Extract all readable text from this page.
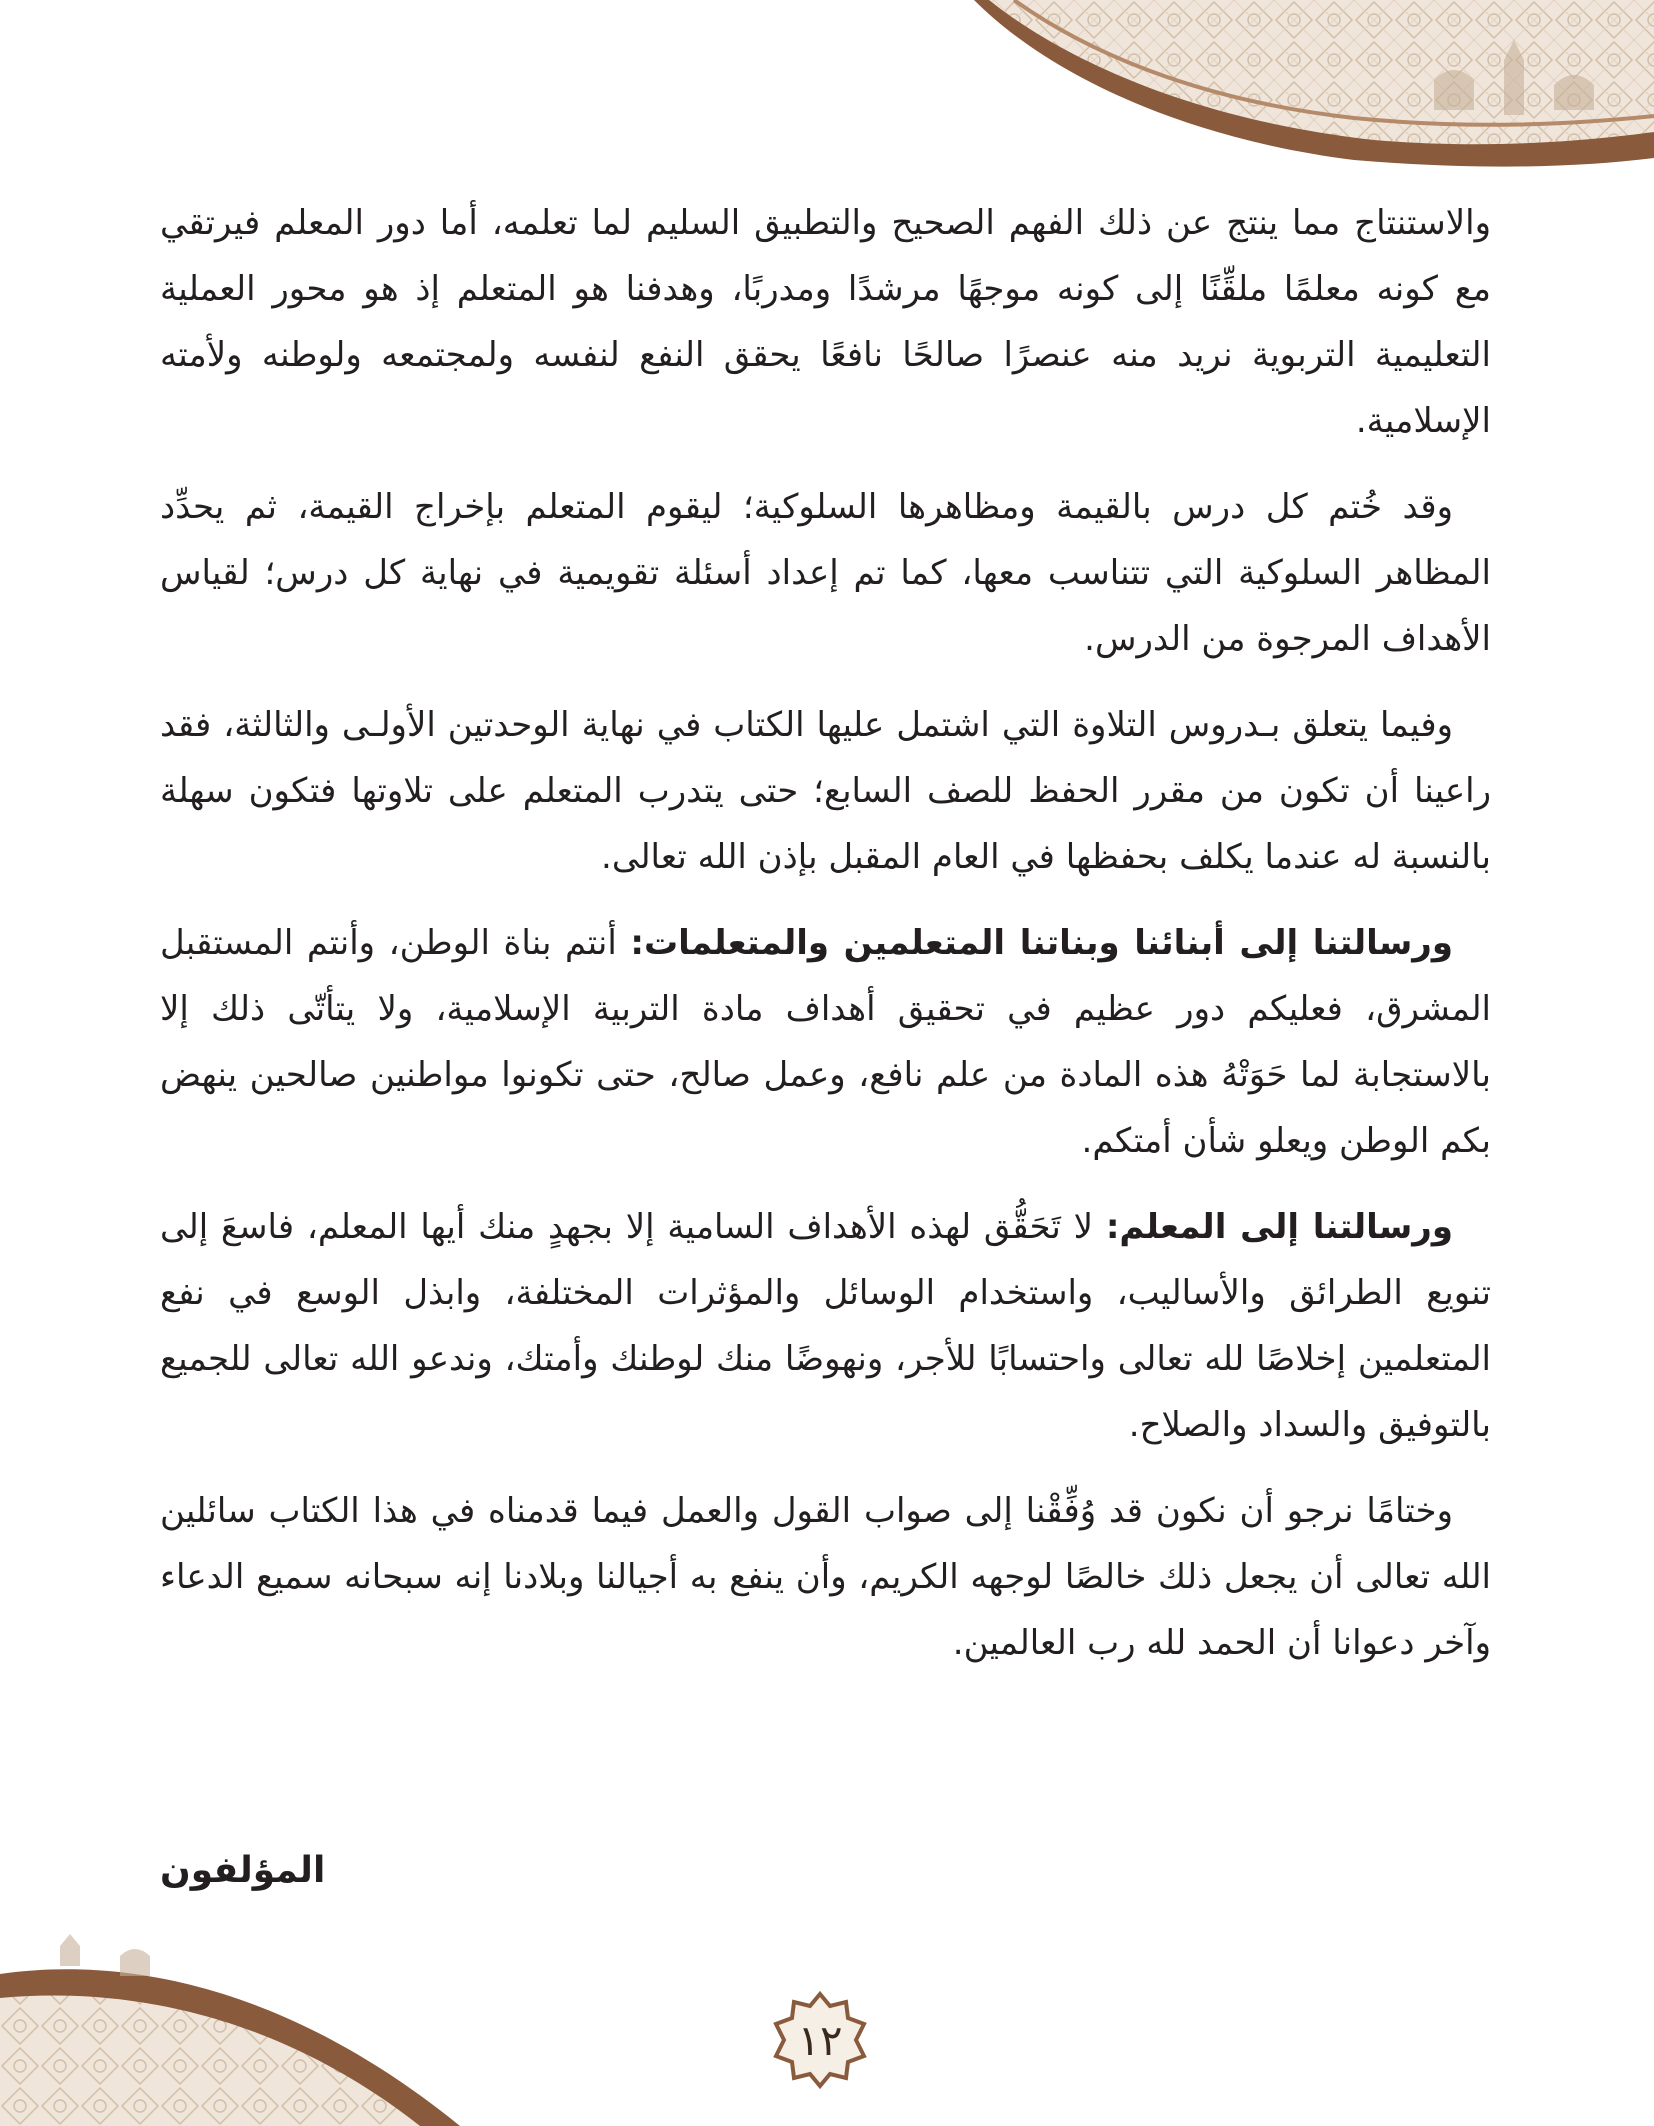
والاستنتاج مما ينتج عن ذلك الفهم الصحيح والتطبيق السليم لما تعلمه، أما دور المعلم فيرتقي مع كونه معلمًا ملقِّنًا إلى كونه موجهًا مرشدًا ومدربًا، وهدفنا هو المتعلم إذ هو محور العملية التعليمية التربوية نريد منه عنصرًا صالحًا نافعًا يحقق النفع لنفسه ولمجتمعه ولوطنه ولأمته الإسلامية.

وقد خُتم كل درس بالقيمة ومظاهرها السلوكية؛ ليقوم المتعلم بإخراج القيمة، ثم يحدِّد المظاهر السلوكية التي تتناسب معها، كما تم إعداد أسئلة تقويمية في نهاية كل درس؛ لقياس الأهداف المرجوة من الدرس.

وفيما يتعلق بـدروس التلاوة التي اشتمل عليها الكتاب في نهاية الوحدتين الأولـى والثالثة، فقد راعينا أن تكون من مقرر الحفظ للصف السابع؛ حتى يتدرب المتعلم على تلاوتها فتكون سهلة بالنسبة له عندما يكلف بحفظها في العام المقبل بإذن الله تعالى.

ورسالتنا إلى أبنائنا وبناتنا المتعلمين والمتعلمات: أنتم بناة الوطن، وأنتم المستقبل المشرق، فعليكم دور عظيم في تحقيق أهداف مادة التربية الإسلامية، ولا يتأتّى ذلك إلا بالاستجابة لما حَوَتْهُ هذه المادة من علم نافع، وعمل صالح، حتى تكونوا مواطنين صالحين ينهض بكم الوطن ويعلو شأن أمتكم.

ورسالتنا إلى المعلم: لا تَحَقُّق لهذه الأهداف السامية إلا بجهدٍ منك أيها المعلم، فاسعَ إلى تنويع الطرائق والأساليب، واستخدام الوسائل والمؤثرات المختلفة، وابذل الوسع في نفع المتعلمين إخلاصًا لله تعالى واحتسابًا للأجر، ونهوضًا منك لوطنك وأمتك، وندعو الله تعالى للجميع بالتوفيق والسداد والصلاح.

وختامًا نرجو أن نكون قد وُفِّقْنا إلى صواب القول والعمل فيما قدمناه في هذا الكتاب سائلين الله تعالى أن يجعل ذلك خالصًا لوجهه الكريم، وأن ينفع به أجيالنا وبلادنا إنه سبحانه سميع الدعاء وآخر دعوانا أن الحمد لله رب العالمين.

المؤلفون
١٢
